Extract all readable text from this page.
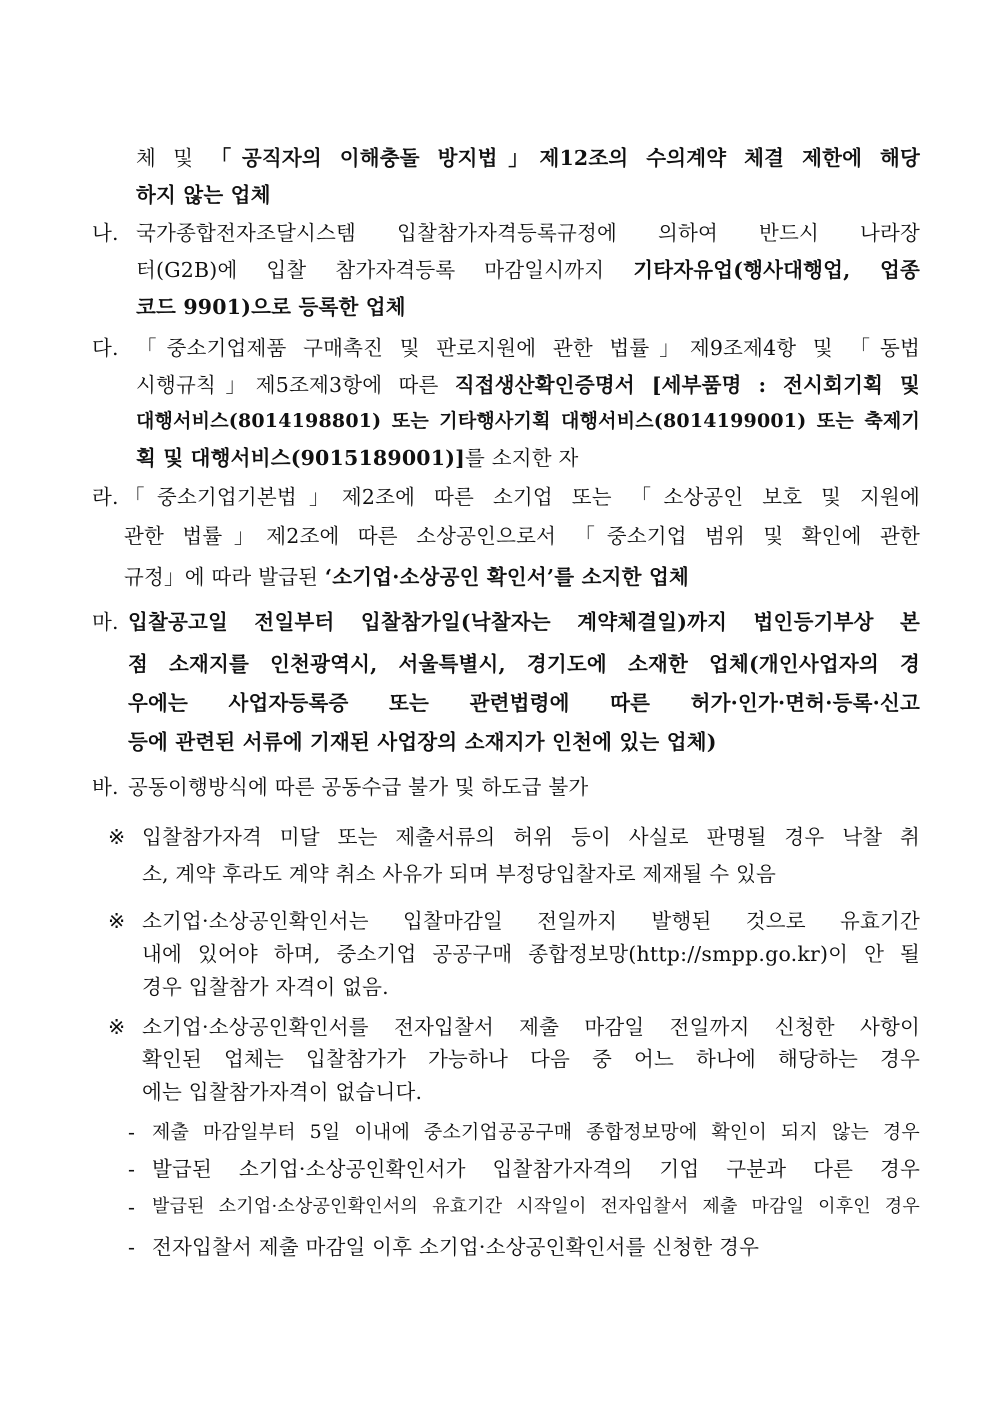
체 및 「공직자의 이해충돌 방지법」제12조의 수의계약 체결 제한에 해당
하지 않는 업체
나. 국가종합전자조달시스템 입찰참가자격등록규정에 의하여 반드시 나라장
터(G2B)에 입찰 참가자격등록 마감일시까지 기타자유업(행사대행업, 업종
코드 9901)으로 등록한 업체
다. 「중소기업제품 구매촉진 및 판로지원에 관한 법률」제9조제4항 및 「동법
시행규칙」제5조제3항에 따른 직접생산확인증명서 [세부품명 : 전시회기획 및
대행서비스(8014198801) 또는 기타행사기획 대행서비스(8014199001) 또는 축제기
획 및 대행서비스(9015189001)]를 소지한 자
라. 「중소기업기본법」제2조에 따른 소기업 또는 「소상공인 보호 및 지원에
관한 법률」제2조에 따른 소상공인으로서 「중소기업 범위 및 확인에 관한
규정」에 따라 발급된 ‘소기업·소상공인 확인서’를 소지한 업체
마. 입찰공고일 전일부터 입찰참가일(낙찰자는 계약체결일)까지 법인등기부상 본
점 소재지를 인천광역시, 서울특별시, 경기도에 소재한 업체(개인사업자의 경
우에는 사업자등록증 또는 관련법령에 따른 허가·인가·면허·등록·신고
등에 관련된 서류에 기재된 사업장의 소재지가 인천에 있는 업체)
바. 공동이행방식에 따른 공동수급 불가 및 하도급 불가
※ 입찰참가자격 미달 또는 제출서류의 허위 등이 사실로 판명될 경우 낙찰 취
소, 계약 후라도 계약 취소 사유가 되며 부정당입찰자로 제재될 수 있음
※ 소기업·소상공인확인서는 입찰마감일 전일까지 발행된 것으로 유효기간
내에 있어야 하며, 중소기업 공공구매 종합정보망(http://smpp.go.kr)이 안 될
경우 입찰참가 자격이 없음.
※ 소기업·소상공인확인서를 전자입찰서 제출 마감일 전일까지 신청한 사항이
확인된 업체는 입찰참가가 가능하나 다음 중 어느 하나에 해당하는 경우
에는 입찰참가자격이 없습니다.
- 제출 마감일부터 5일 이내에 중소기업공공구매 종합정보망에 확인이 되지 않는 경우
- 발급된 소기업·소상공인확인서가 입찰참가자격의 기업 구분과 다른 경우
- 발급된 소기업·소상공인확인서의 유효기간 시작일이 전자입찰서 제출 마감일 이후인 경우
- 전자입찰서 제출 마감일 이후 소기업·소상공인확인서를 신청한 경우
